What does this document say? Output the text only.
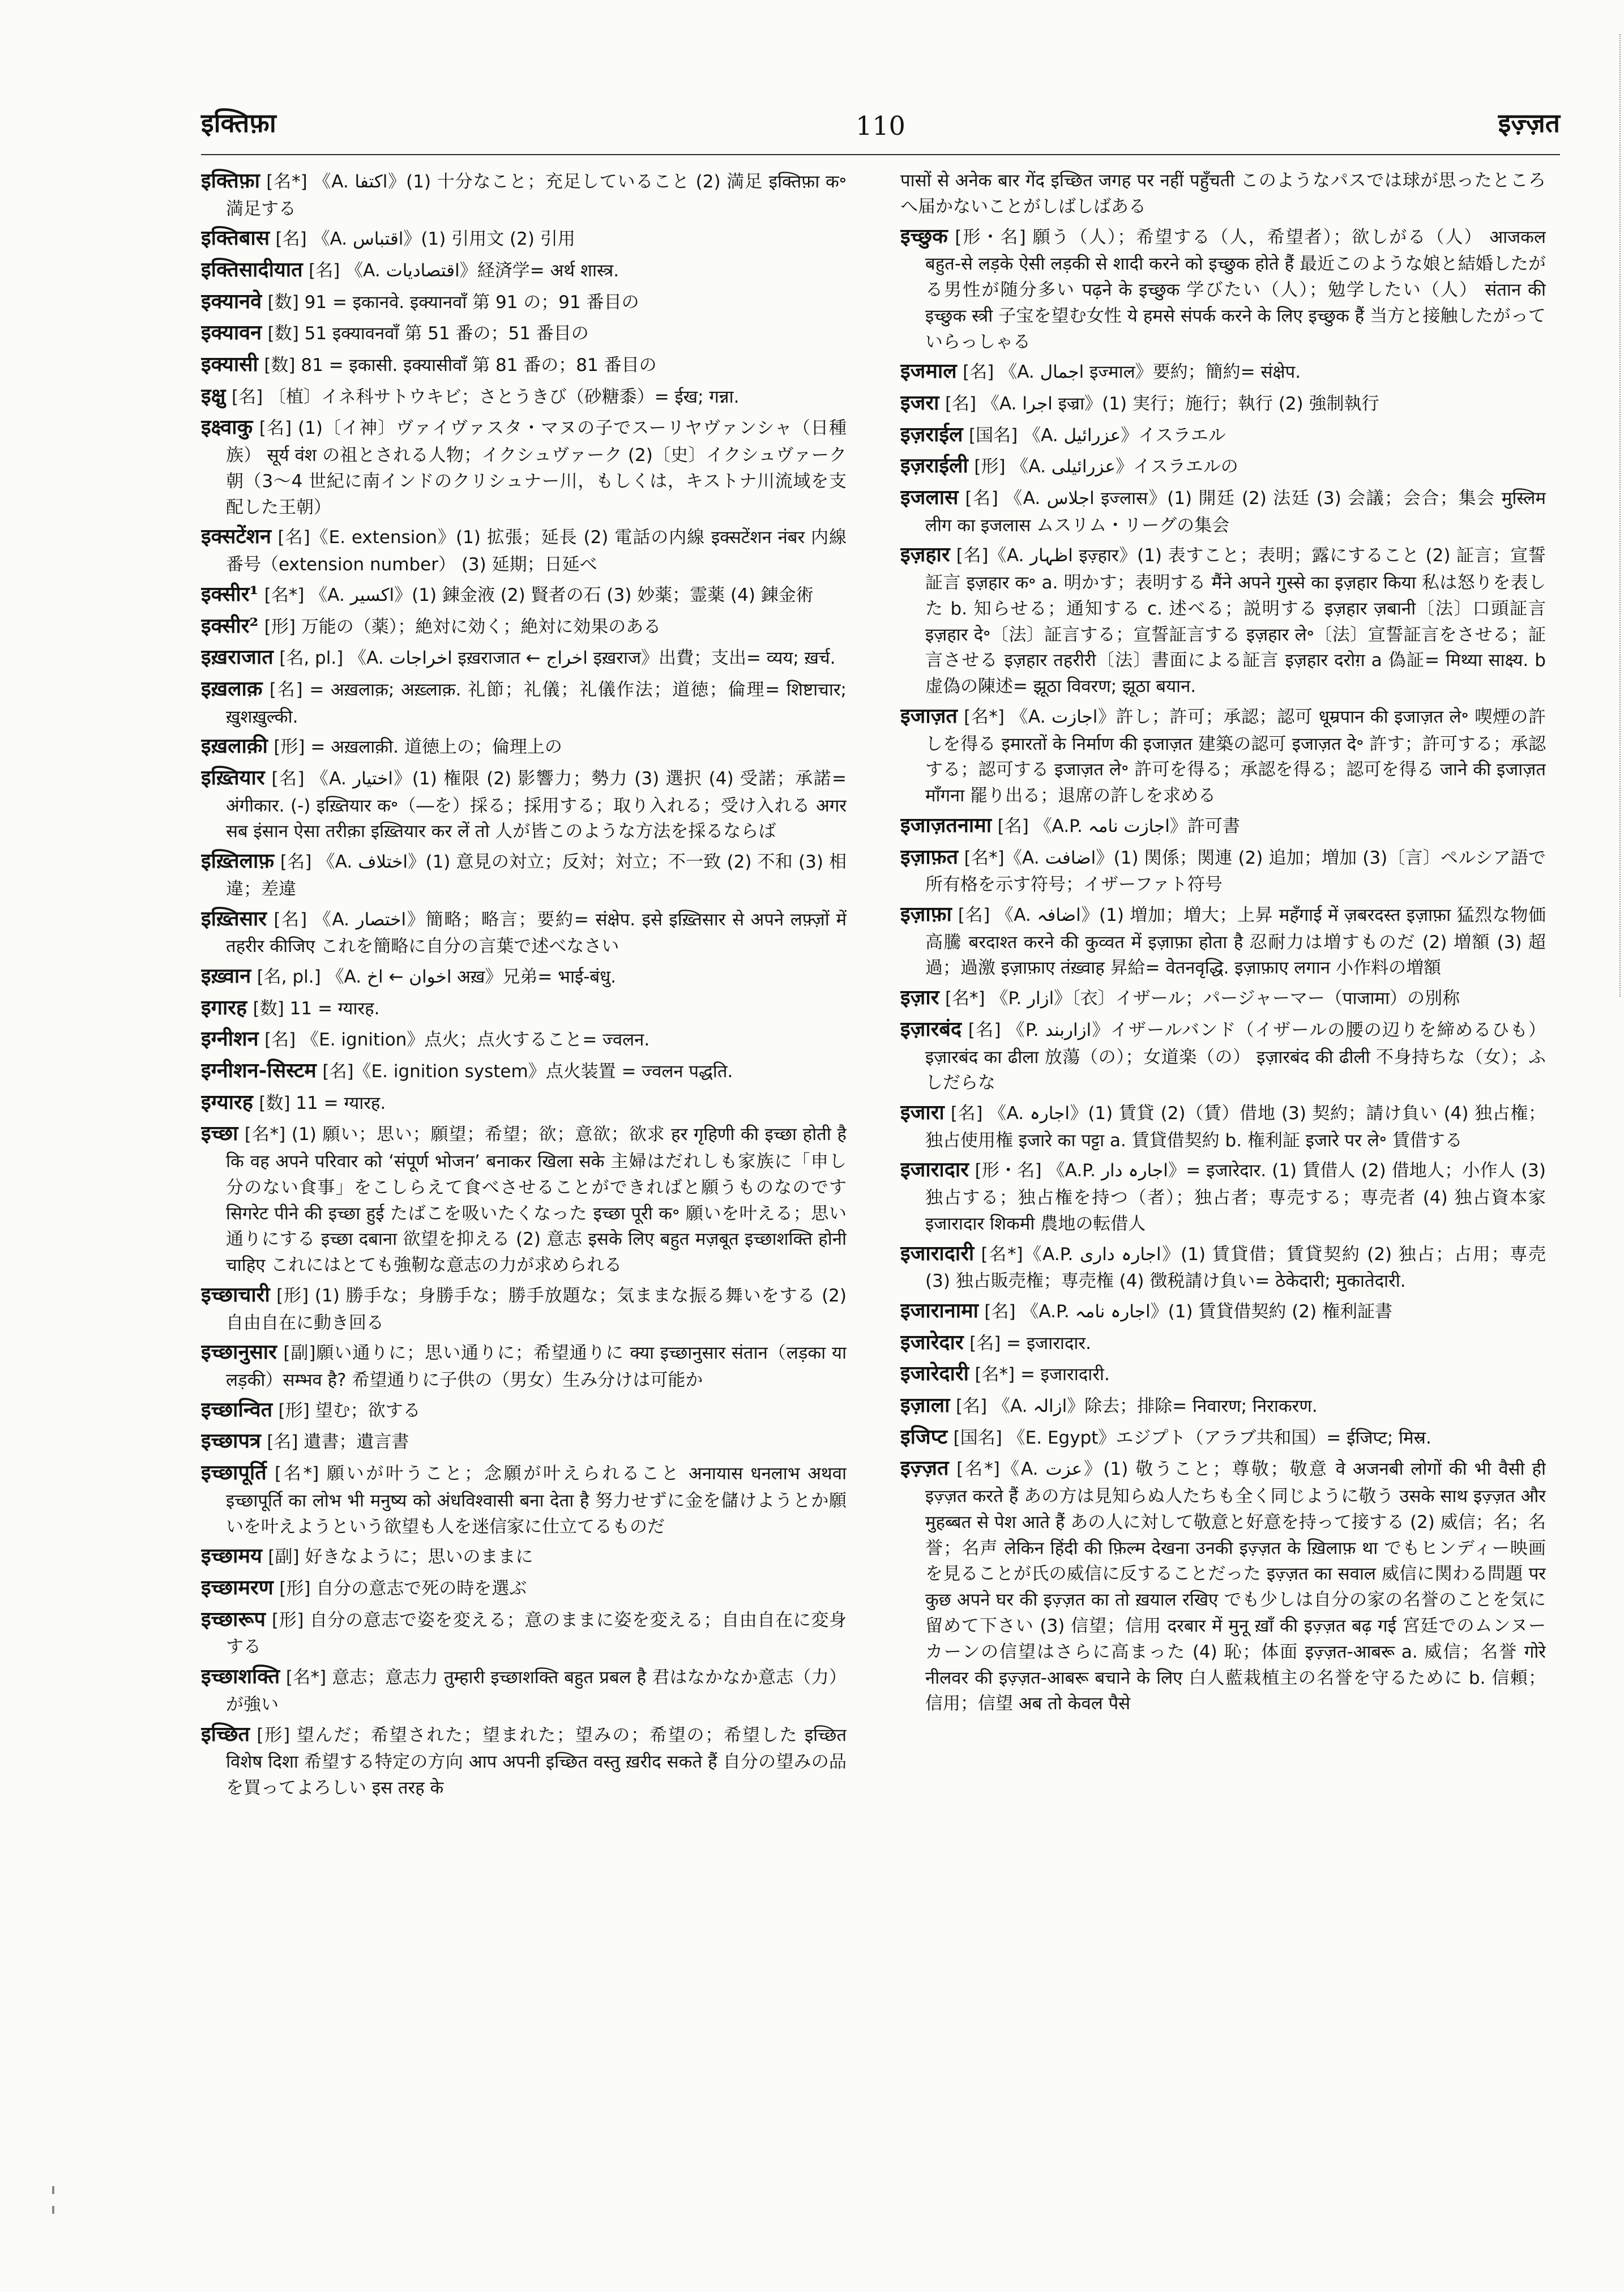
इक्तिफ़ा	110	इज़्ज़त

इक्तिफ़ा [名*] 《A. اکتفا》(1) 十分なこと；充足していること (2) 満足 इक्तिफ़ा क॰満足する

इक्तिबास [名] 《A. اقتباس》(1) 引用文 (2) 引用

इक्तिसादीयात [名] 《A. اقتصادیات》経済学= अर्थ शास्त्र.

इक्यानवे [数] 91 = इकानवे. इक्यानवाँ 第 91 の；91 番目の

इक्यावन [数] 51 इक्यावनवाँ 第 51 番の；51 番目の

इक्यासी [数] 81 = इकासी. इक्यासीवाँ 第 81 番の；81 番目の

इक्षु [名] 〔植〕イネ科サトウキビ；さとうきび（砂糖黍）= ईख; गन्ना.

इक्ष्वाकु [名] (1)〔イ神〕ヴァイヴァスタ・マヌの子でスーリヤヴァンシャ（日種族） सूर्य वंश の祖とされる人物；イクシュヴァーク (2)〔史〕イクシュヴァーク朝（3〜4 世紀に南インドのクリシュナー川，もしくは，キストナ川流域を支配した王朝）

इक्सटेंशन [名]《E. extension》(1) 拡張；延長 (2) 電話の内線 इक्सटेंशन नंबर 内線番号（extension number） (3) 延期；日延べ

इक्सीर¹ [名*] 《A. اکسیر》(1) 錬金液 (2) 賢者の石 (3) 妙薬；霊薬 (4) 錬金術

इक्सीर² [形] 万能の（薬）；絶対に効く；絶対に効果のある

इख़राजात [名, pl.] 《A. اخراجات इख़राजात ← اخراج इख़राज》出費；支出= व्यय; ख़र्च.

इख़लाक़ [名] = अख़लाक़; अख़्लाक़. 礼節；礼儀；礼儀作法；道徳；倫理= शिष्टाचार; ख़ुशख़ुल्की.

इख़लाक़ी [形] = अख़लाक़ी. 道徳上の；倫理上の

इख़्तियार [名] 《A. اختیار》(1) 権限 (2) 影響力；勢力 (3) 選択 (4) 受諾；承諾= अंगीकार. (-) इख़्तियार क॰（―を）採る；採用する；取り入れる；受け入れる अगर सब इंसान ऐसा तरीक़ा इख़्तियार कर लें तो 人が皆このような方法を採るならば

इख़्तिलाफ़ [名] 《A. اختلاف》(1) 意見の対立；反対；対立；不一致 (2) 不和 (3) 相違；差違

इख़्तिसार [名] 《A. اختصار》簡略；略言；要約= संक्षेप. इसे इख़्तिसार से अपने लफ़्ज़ों में तहरीर कीजिए これを簡略に自分の言葉で述べなさい

इख़्वान [名, pl.] 《A. اخوان ← اخ अख़》兄弟= भाई-बंधु.

इगारह [数] 11 = ग्यारह.

इग्नीशन [名] 《E. ignition》点火；点火すること= ज्वलन.

इग्नीशन-सिस्टम [名]《E. ignition system》点火装置 = ज्वलन पद्धति.

इग्यारह [数] 11 = ग्यारह.

इच्छा [名*] (1) 願い；思い；願望；希望；欲；意欲；欲求 हर गृहिणी की इच्छा होती है कि वह अपने परिवार को ‘संपूर्ण भोजन’ बनाकर खिला सके 主婦はだれしも家族に「申し分のない食事」をこしらえて食べさせることができればと願うものなのです सिगरेट पीने की इच्छा हुई たばこを吸いたくなった इच्छा पूरी क॰ 願いを叶える；思い通りにする इच्छा दबाना 欲望を抑える (2) 意志 इसके लिए बहुत मज़बूत इच्छाशक्ति होनी चाहिए これにはとても強靭な意志の力が求められる

इच्छाचारी [形] (1) 勝手な；身勝手な；勝手放題な；気ままな振る舞いをする (2) 自由自在に動き回る

इच्छानुसार [副]願い通りに；思い通りに；希望通りに क्या इच्छानुसार संतान（लड़का या लड़की）सम्भव है? 希望通りに子供の（男女）生み分けは可能か

इच्छान्वित [形] 望む；欲する

इच्छापत्र [名] 遺書；遺言書

इच्छापूर्ति [名*] 願いが叶うこと；念願が叶えられること अनायास धनलाभ अथवा इच्छापूर्ति का लोभ भी मनुष्य को अंधविश्वासी बना देता है 努力せずに金を儲けようとか願いを叶えようという欲望も人を迷信家に仕立てるものだ

इच्छामय [副] 好きなように；思いのままに

इच्छामरण [形] 自分の意志で死の時を選ぶ

इच्छारूप [形] 自分の意志で姿を変える；意のままに姿を変える；自由自在に変身する

इच्छाशक्ति [名*] 意志；意志力 तुम्हारी इच्छाशक्ति बहुत प्रबल है 君はなかなか意志（力）が強い

इच्छित [形] 望んだ；希望された；望まれた；望みの；希望の；希望した इच्छित विशेष दिशा 希望する特定の方向 आप अपनी इच्छित वस्तु ख़रीद सकते हैं 自分の望みの品を買ってよろしい इस तरह के

पासों से अनेक बार गेंद इच्छित जगह पर नहीं पहुँचती このようなパスでは球が思ったところへ届かないことがしばしばある

इच्छुक [形・名] 願う（人）；希望する（人，希望者）；欲しがる（人） आजकल बहुत-से लड़के ऐसी लड़की से शादी करने को इच्छुक होते हैं 最近このような娘と結婚したがる男性が随分多い पढ़ने के इच्छुक 学びたい（人）；勉学したい（人） संतान की इच्छुक स्त्री 子宝を望む女性 ये हमसे संपर्क करने के लिए इच्छुक हैं 当方と接触したがっていらっしゃる

इजमाल [名] 《A. اجمال इज्माल》要約；簡約= संक्षेप.

इजरा [名] 《A. اجرا इज्रा》(1) 実行；施行；執行 (2) 強制執行

इज़राईल [国名] 《A. عزرائیل》イスラエル

इज़राईली [形] 《A. عزرائیلی》イスラエルの

इजलास [名] 《A. اجلاس इज्लास》(1) 開廷 (2) 法廷 (3) 会議；会合；集会 मुस्लिम लीग का इजलास ムスリム・リーグの集会

इज़हार [名]《A. اظہار इज़्हार》(1) 表すこと；表明；露にすること (2) 証言；宣誓証言 इज़हार क॰ a. 明かす；表明する मैंने अपने गुस्से का इज़हार किया 私は怒りを表した b. 知らせる；通知する c. 述べる；説明する इज़हार ज़बानी〔法〕口頭証言 इज़हार दे॰〔法〕証言する；宣誓証言する इज़हार ले॰〔法〕宣誓証言をさせる；証言させる इज़हार तहरीरी〔法〕書面による証言 इज़हार दरोग़ a 偽証= मिथ्या साक्ष्य. b 虚偽の陳述= झूठा विवरण; झूठा बयान.

इजाज़त [名*] 《A. اجازت》許し；許可；承認；認可 धूम्रपान की इजाज़त ले॰ 喫煙の許しを得る इमारतों के निर्माण की इजाज़त 建築の認可 इजाज़त दे॰ 許す；許可する；承認する；認可する इजाज़त ले॰ 許可を得る；承認を得る；認可を得る जाने की इजाज़त माँगना 罷り出る；退席の許しを求める

इजाज़तनामा [名] 《A.P. اجازت نامہ》許可書

इज़ाफ़त [名*]《A. اضافت》(1) 関係；関連 (2) 追加；増加 (3)〔言〕ペルシア語で所有格を示す符号；イザーファト符号

इज़ाफ़ा [名] 《A. اضافہ》(1) 増加；増大；上昇 महँगाई में ज़बरदस्त इज़ाफ़ा 猛烈な物価高騰 बरदाश्त करने की कुव्वत में इज़ाफ़ा होता है 忍耐力は増すものだ (2) 増額 (3) 超過；過激 इज़ाफ़ाए तंख़्वाह 昇給= वेतनवृद्धि. इज़ाफ़ाए लगान 小作料の増額

इज़ार [名*] 《P. ازار》〔衣〕イザール；パージャーマー（पाजामा）の別称

इज़ारबंद [名] 《P. ازاربند》イザールバンド（イザールの腰の辺りを締めるひも） इज़ारबंद का ढीला 放蕩（の）；女道楽（の） इज़ारबंद की ढीली 不身持ちな（女）；ふしだらな

इजारा [名] 《A. اجارہ》(1) 賃貸 (2)（賃）借地 (3) 契約；請け負い (4) 独占権；独占使用権 इजारे का पट्टा a. 賃貸借契約 b. 権利証 इजारे पर ले॰ 賃借する

इजारादार [形・名] 《A.P. اجارہ دار》= इजारेदार. (1) 賃借人 (2) 借地人；小作人 (3) 独占する；独占権を持つ（者）；独占者；専売する；専売者 (4) 独占資本家 इजारादार शिकमी 農地の転借人

इजारादारी [名*]《A.P. اجارہ داری》(1) 賃貸借；賃貸契約 (2) 独占；占用；専売 (3) 独占販売権；専売権 (4) 徴税請け負い= ठेकेदारी; मुकातेदारी.

इजारानामा [名] 《A.P. اجارہ نامہ》(1) 賃貸借契約 (2) 権利証書

इजारेदार [名] = इजारादार.

इजारेदारी [名*] = इजारादारी.

इज़ाला [名] 《A. ازالہ》除去；排除= निवारण; निराकरण.

इजिप्ट [国名] 《E. Egypt》エジプト（アラブ共和国）= ईजिप्ट; मिस्र.

इज़्ज़त [名*]《A. عزت》(1) 敬うこと；尊敬；敬意 वे अजनबी लोगों की भी वैसी ही इज़्ज़त करते हैं あの方は見知らぬ人たちも全く同じように敬う उसके साथ इज़्ज़त और मुहब्बत से पेश आते हैं あの人に対して敬意と好意を持って接する (2) 威信；名；名誉；名声 लेकिन हिंदी की फ़िल्म देखना उनकी इज़्ज़त के ख़िलाफ़ था でもヒンディー映画を見ることが氏の威信に反することだった इज़्ज़त का सवाल 威信に関わる問題 पर कुछ अपने घर की इज़्ज़त का तो ख़याल रखिए でも少しは自分の家の名誉のことを気に留めて下さい (3) 信望；信用 दरबार में मुनू ख़ाँ की इज़्ज़त बढ़ गई 宮廷でのムンヌーカーンの信望はさらに高まった (4) 恥；体面 इज़्ज़त-आबरू a. 威信；名誉 गोरे नीलवर की इज़्ज़त-आबरू बचाने के लिए 白人藍栽植主の名誉を守るために b. 信頼；信用；信望 अब तो केवल पैसे
